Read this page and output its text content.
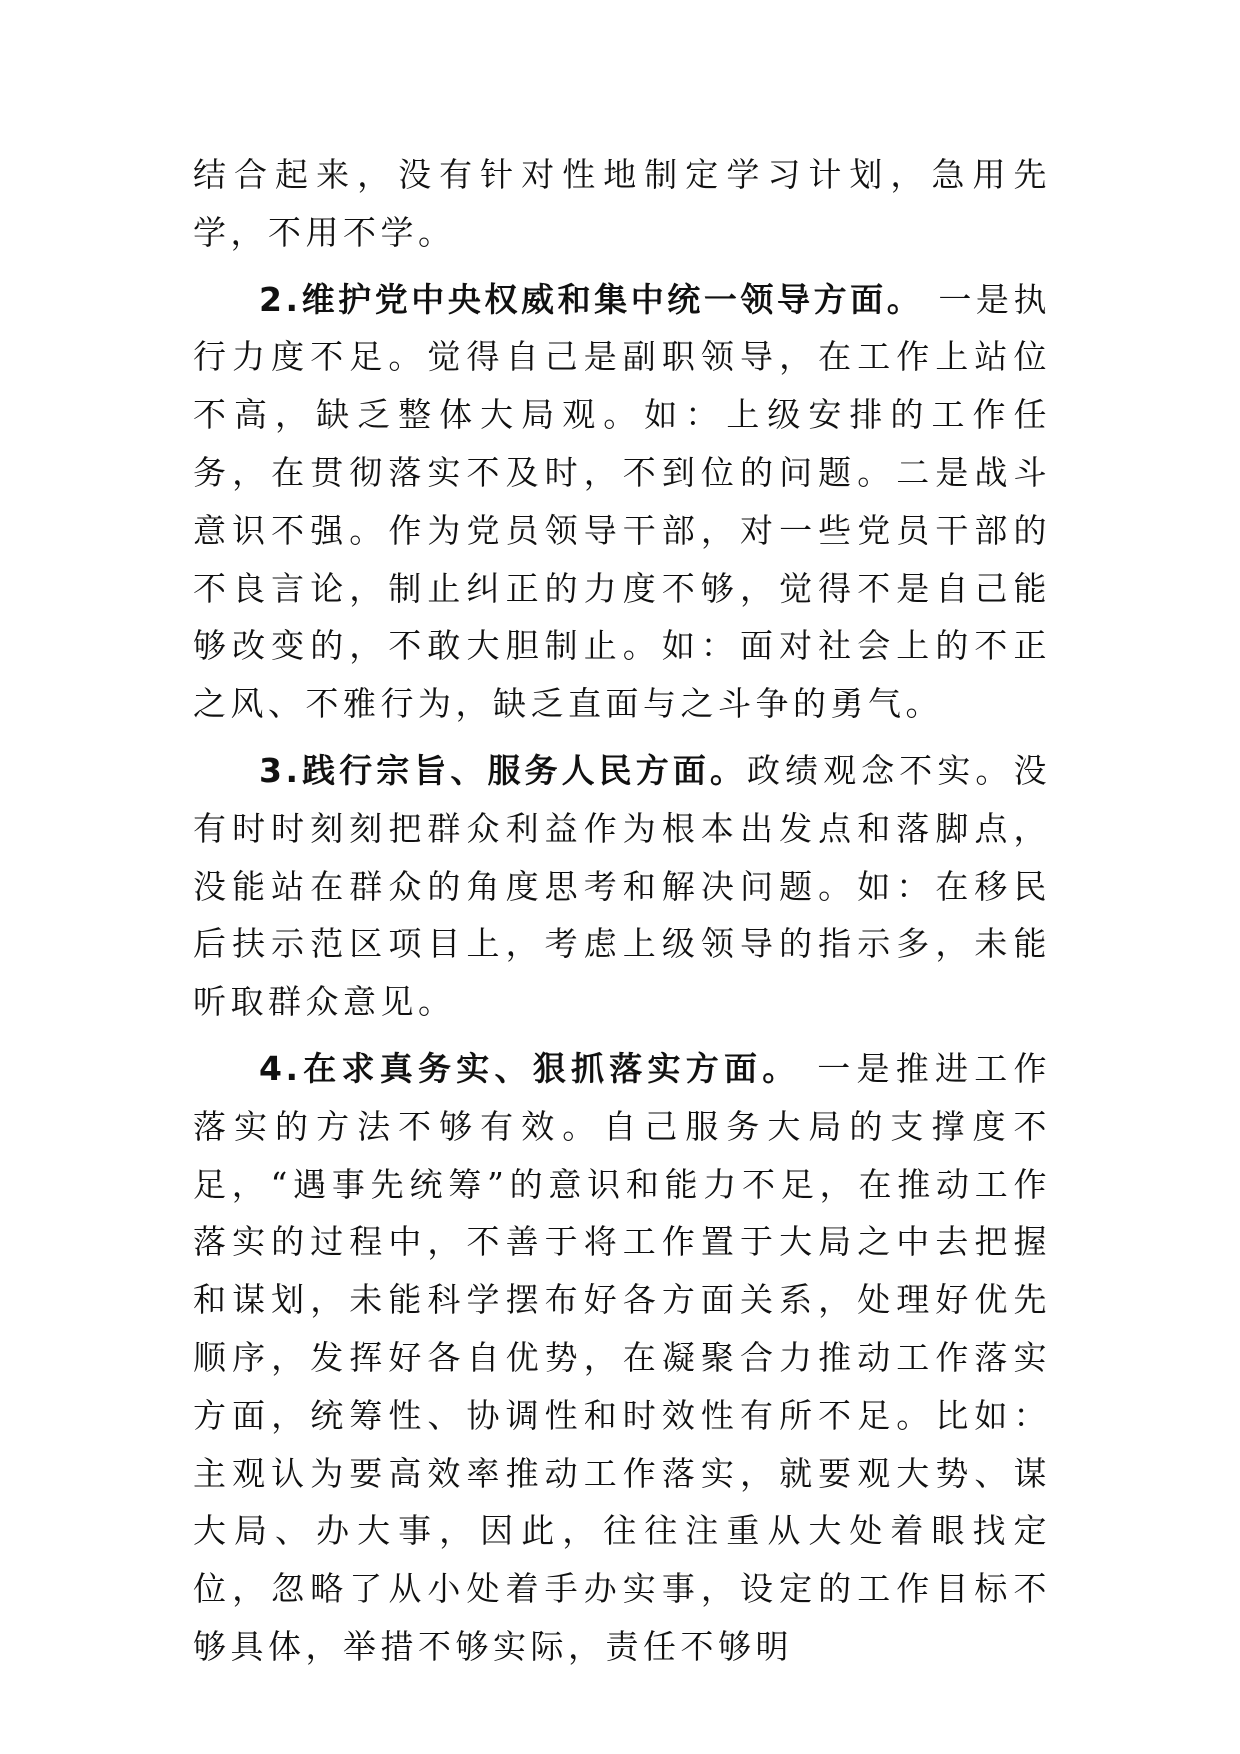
结合起来，没有针对性地制定学习计划，急用先学，不用不学。

2.维护党中央权威和集中统一领导方面。 一是执行力度不足。觉得自己是副职领导，在工作上站位不高，缺乏整体大局观。如：上级安排的工作任务，在贯彻落实不及时，不到位的问题。二是战斗意识不强。作为党员领导干部，对一些党员干部的不良言论，制止纠正的力度不够，觉得不是自己能够改变的，不敢大胆制止。如：面对社会上的不正之风、不雅行为，缺乏直面与之斗争的勇气。

3.践行宗旨、服务人民方面。政绩观念不实。没有时时刻刻把群众利益作为根本出发点和落脚点，没能站在群众的角度思考和解决问题。如：在移民后扶示范区项目上，考虑上级领导的指示多，未能听取群众意见。

4.在求真务实、狠抓落实方面。 一是推进工作落实的方法不够有效。自己服务大局的支撑度不足，“遇事先统筹”的意识和能力不足，在推动工作落实的过程中，不善于将工作置于大局之中去把握和谋划，未能科学摆布好各方面关系，处理好优先顺序，发挥好各自优势，在凝聚合力推动工作落实方面，统筹性、协调性和时效性有所不足。比如：主观认为要高效率推动工作落实，就要观大势、谋大局、办大事，因此，往往注重从大处着眼找定位，忽略了从小处着手办实事，设定的工作目标不够具体，举措不够实际，责任不够明
